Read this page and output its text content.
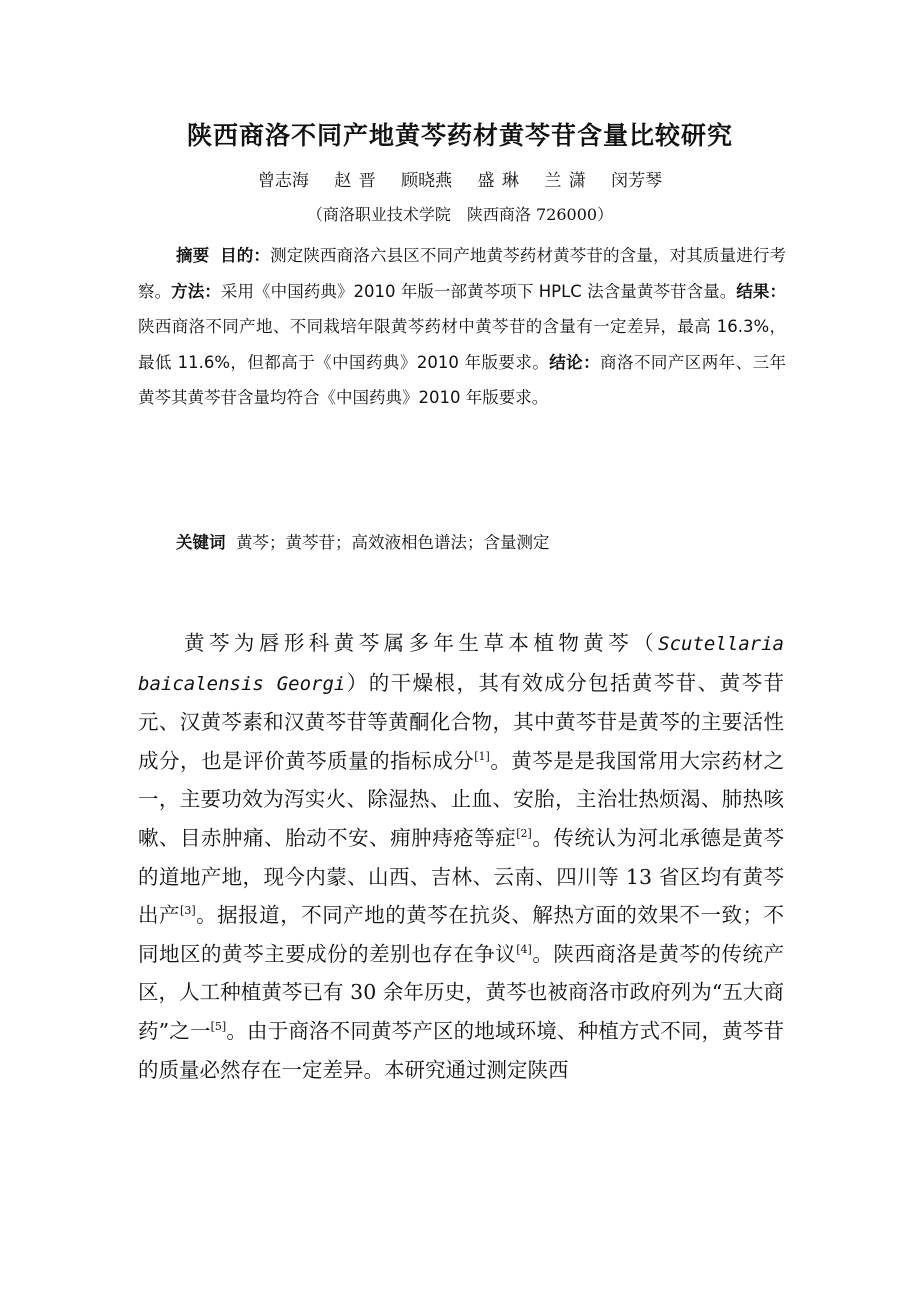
陕西商洛不同产地黄芩药材黄芩苷含量比较研究
曾志海 赵 晋 顾晓燕 盛 琳 兰 潇 闵芳琴
（商洛职业技术学院　陕西商洛 726000）
摘要 目的：测定陕西商洛六县区不同产地黄芩药材黄芩苷的含量，对其质量进行考察。方法：采用《中国药典》2010 年版一部黄芩项下 HPLC 法含量黄芩苷含量。结果：陕西商洛不同产地、不同栽培年限黄芩药材中黄芩苷的含量有一定差异，最高 16.3%，最低 11.6%，但都高于《中国药典》2010 年版要求。结论：商洛不同产区两年、三年黄芩其黄芩苷含量均符合《中国药典》2010 年版要求。
关键词 黄芩；黄芩苷；高效液相色谱法；含量测定
黄芩为唇形科黄芩属多年生草本植物黄芩（Scutellaria baicalensis Georgi）的干燥根，其有效成分包括黄芩苷、黄芩苷元、汉黄芩素和汉黄芩苷等黄酮化合物，其中黄芩苷是黄芩的主要活性成分，也是评价黄芩质量的指标成分[1]。黄芩是是我国常用大宗药材之一，主要功效为泻实火、除湿热、止血、安胎，主治壮热烦渴、肺热咳嗽、目赤肿痛、胎动不安、痈肿痔疮等症[2]。传统认为河北承德是黄芩的道地产地，现今内蒙、山西、吉林、云南、四川等 13 省区均有黄芩出产[3]。据报道，不同产地的黄芩在抗炎、解热方面的效果不一致；不同地区的黄芩主要成份的差别也存在争议[4]。陕西商洛是黄芩的传统产区，人工种植黄芩已有 30 余年历史，黄芩也被商洛市政府列为“五大商药”之一[5]。由于商洛不同黄芩产区的地域环境、种植方式不同，黄芩苷的质量必然存在一定差异。本研究通过测定陕西
